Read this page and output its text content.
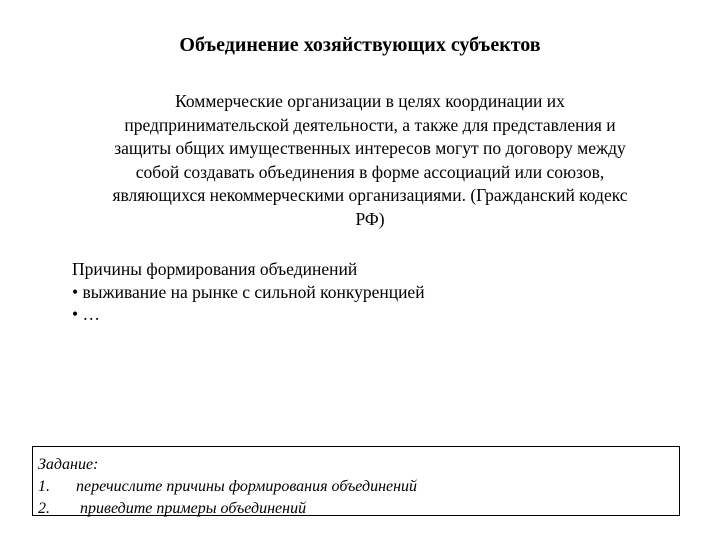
Объединение хозяйствующих субъектов
Коммерческие организации в целях координации их
предпринимательской деятельности, а также для представления и
защиты общих имущественных интересов могут по договору между
собой создавать объединения в форме ассоциаций или союзов,
являющихся некоммерческими организациями. (Гражданский кодекс
РФ)
Причины формирования объединений
• выживание на рынке с сильной конкуренцией
• …
Задание:
1. перечислите причины формирования объединений
2. приведите примеры объединений
